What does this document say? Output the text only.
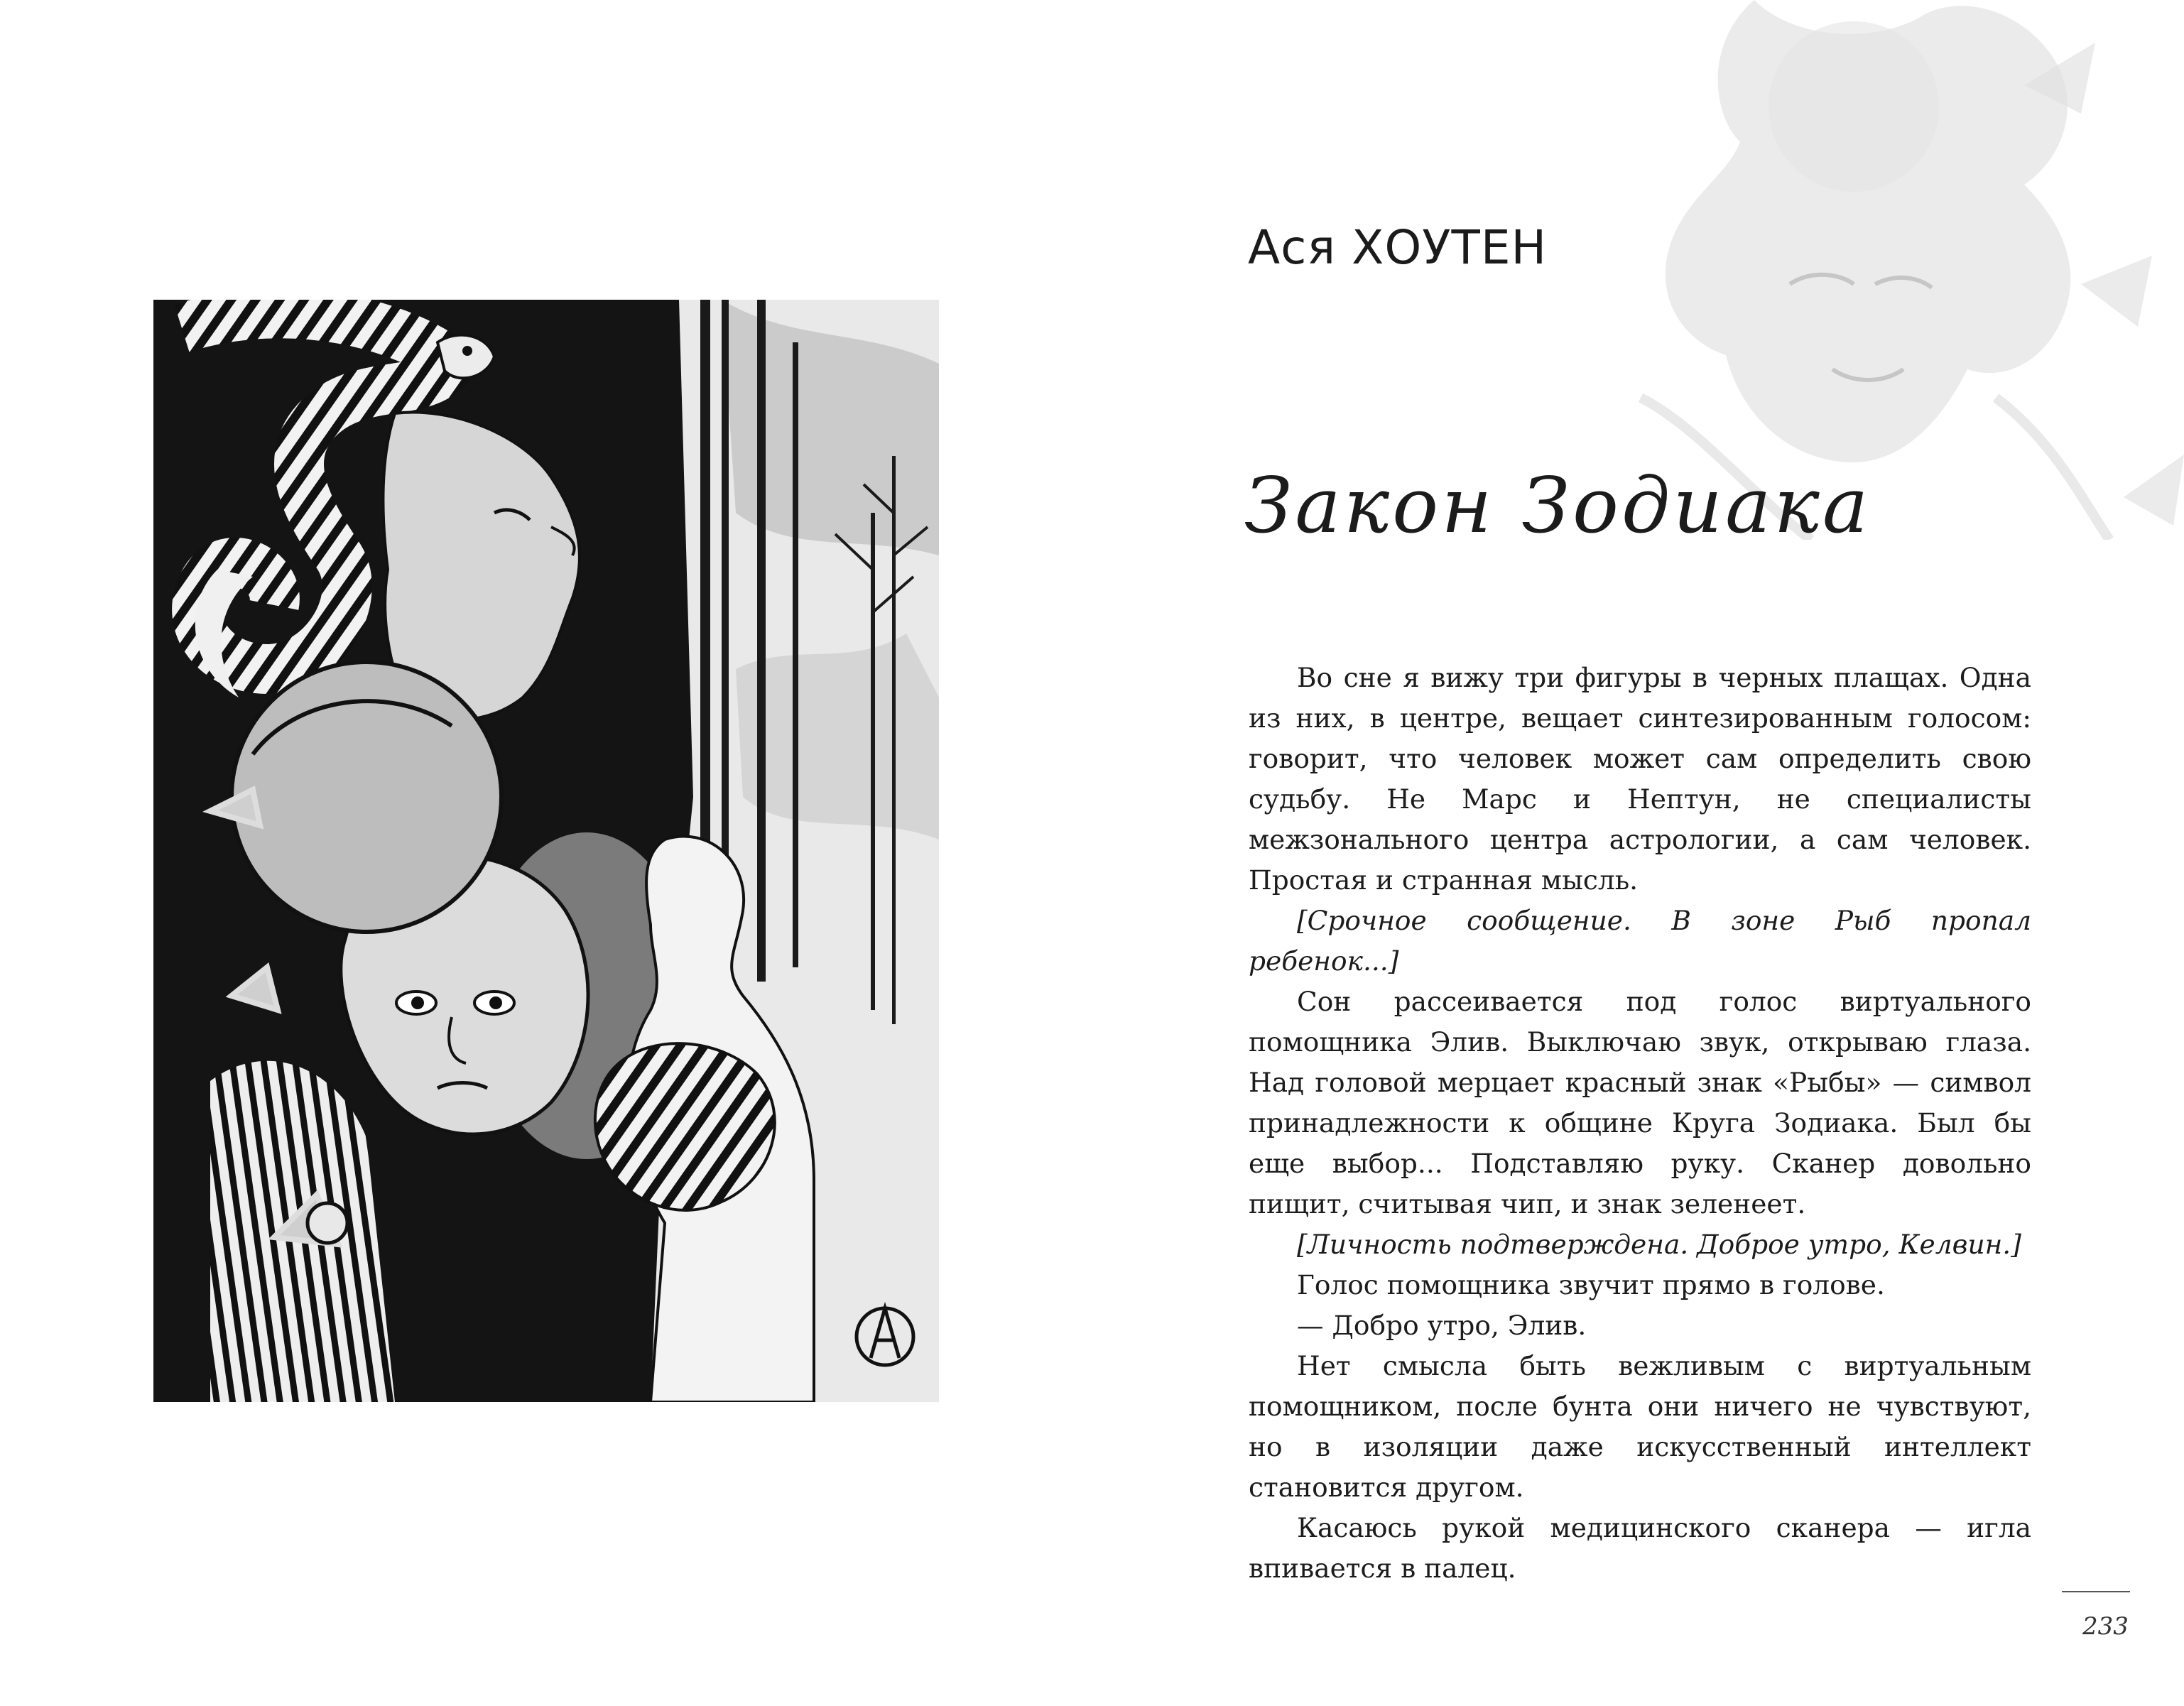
Ася ХОУТЕН
Закон Зодиака

Во сне я вижу три фигуры в черных плащах. Одна из них, в центре, вещает синтезированным голосом: говорит, что человек может сам определить свою судьбу. Не Марс и Нептун, не специалисты межзонального центра астрологии, а сам человек. Простая и странная мысль.

[Срочное сообщение. В зоне Рыб пропал ребенок...]

Сон рассеивается под голос виртуального помощника Элив. Выключаю звук, открываю глаза. Над головой мерцает красный знак «Рыбы» — символ принадлежности к общине Круга Зодиака. Был бы еще выбор... Подставляю руку. Сканер довольно пищит, считывая чип, и знак зеленеет.

[Личность подтверждена. Доброе утро, Келвин.]

Голос помощника звучит прямо в голове.

— Добро утро, Элив.

Нет смысла быть вежливым с виртуальным помощником, после бунта они ничего не чувствуют, но в изоляции даже искусственный интеллект становится другом.

Касаюсь рукой медицинского сканера — игла впивается в палец.

233
